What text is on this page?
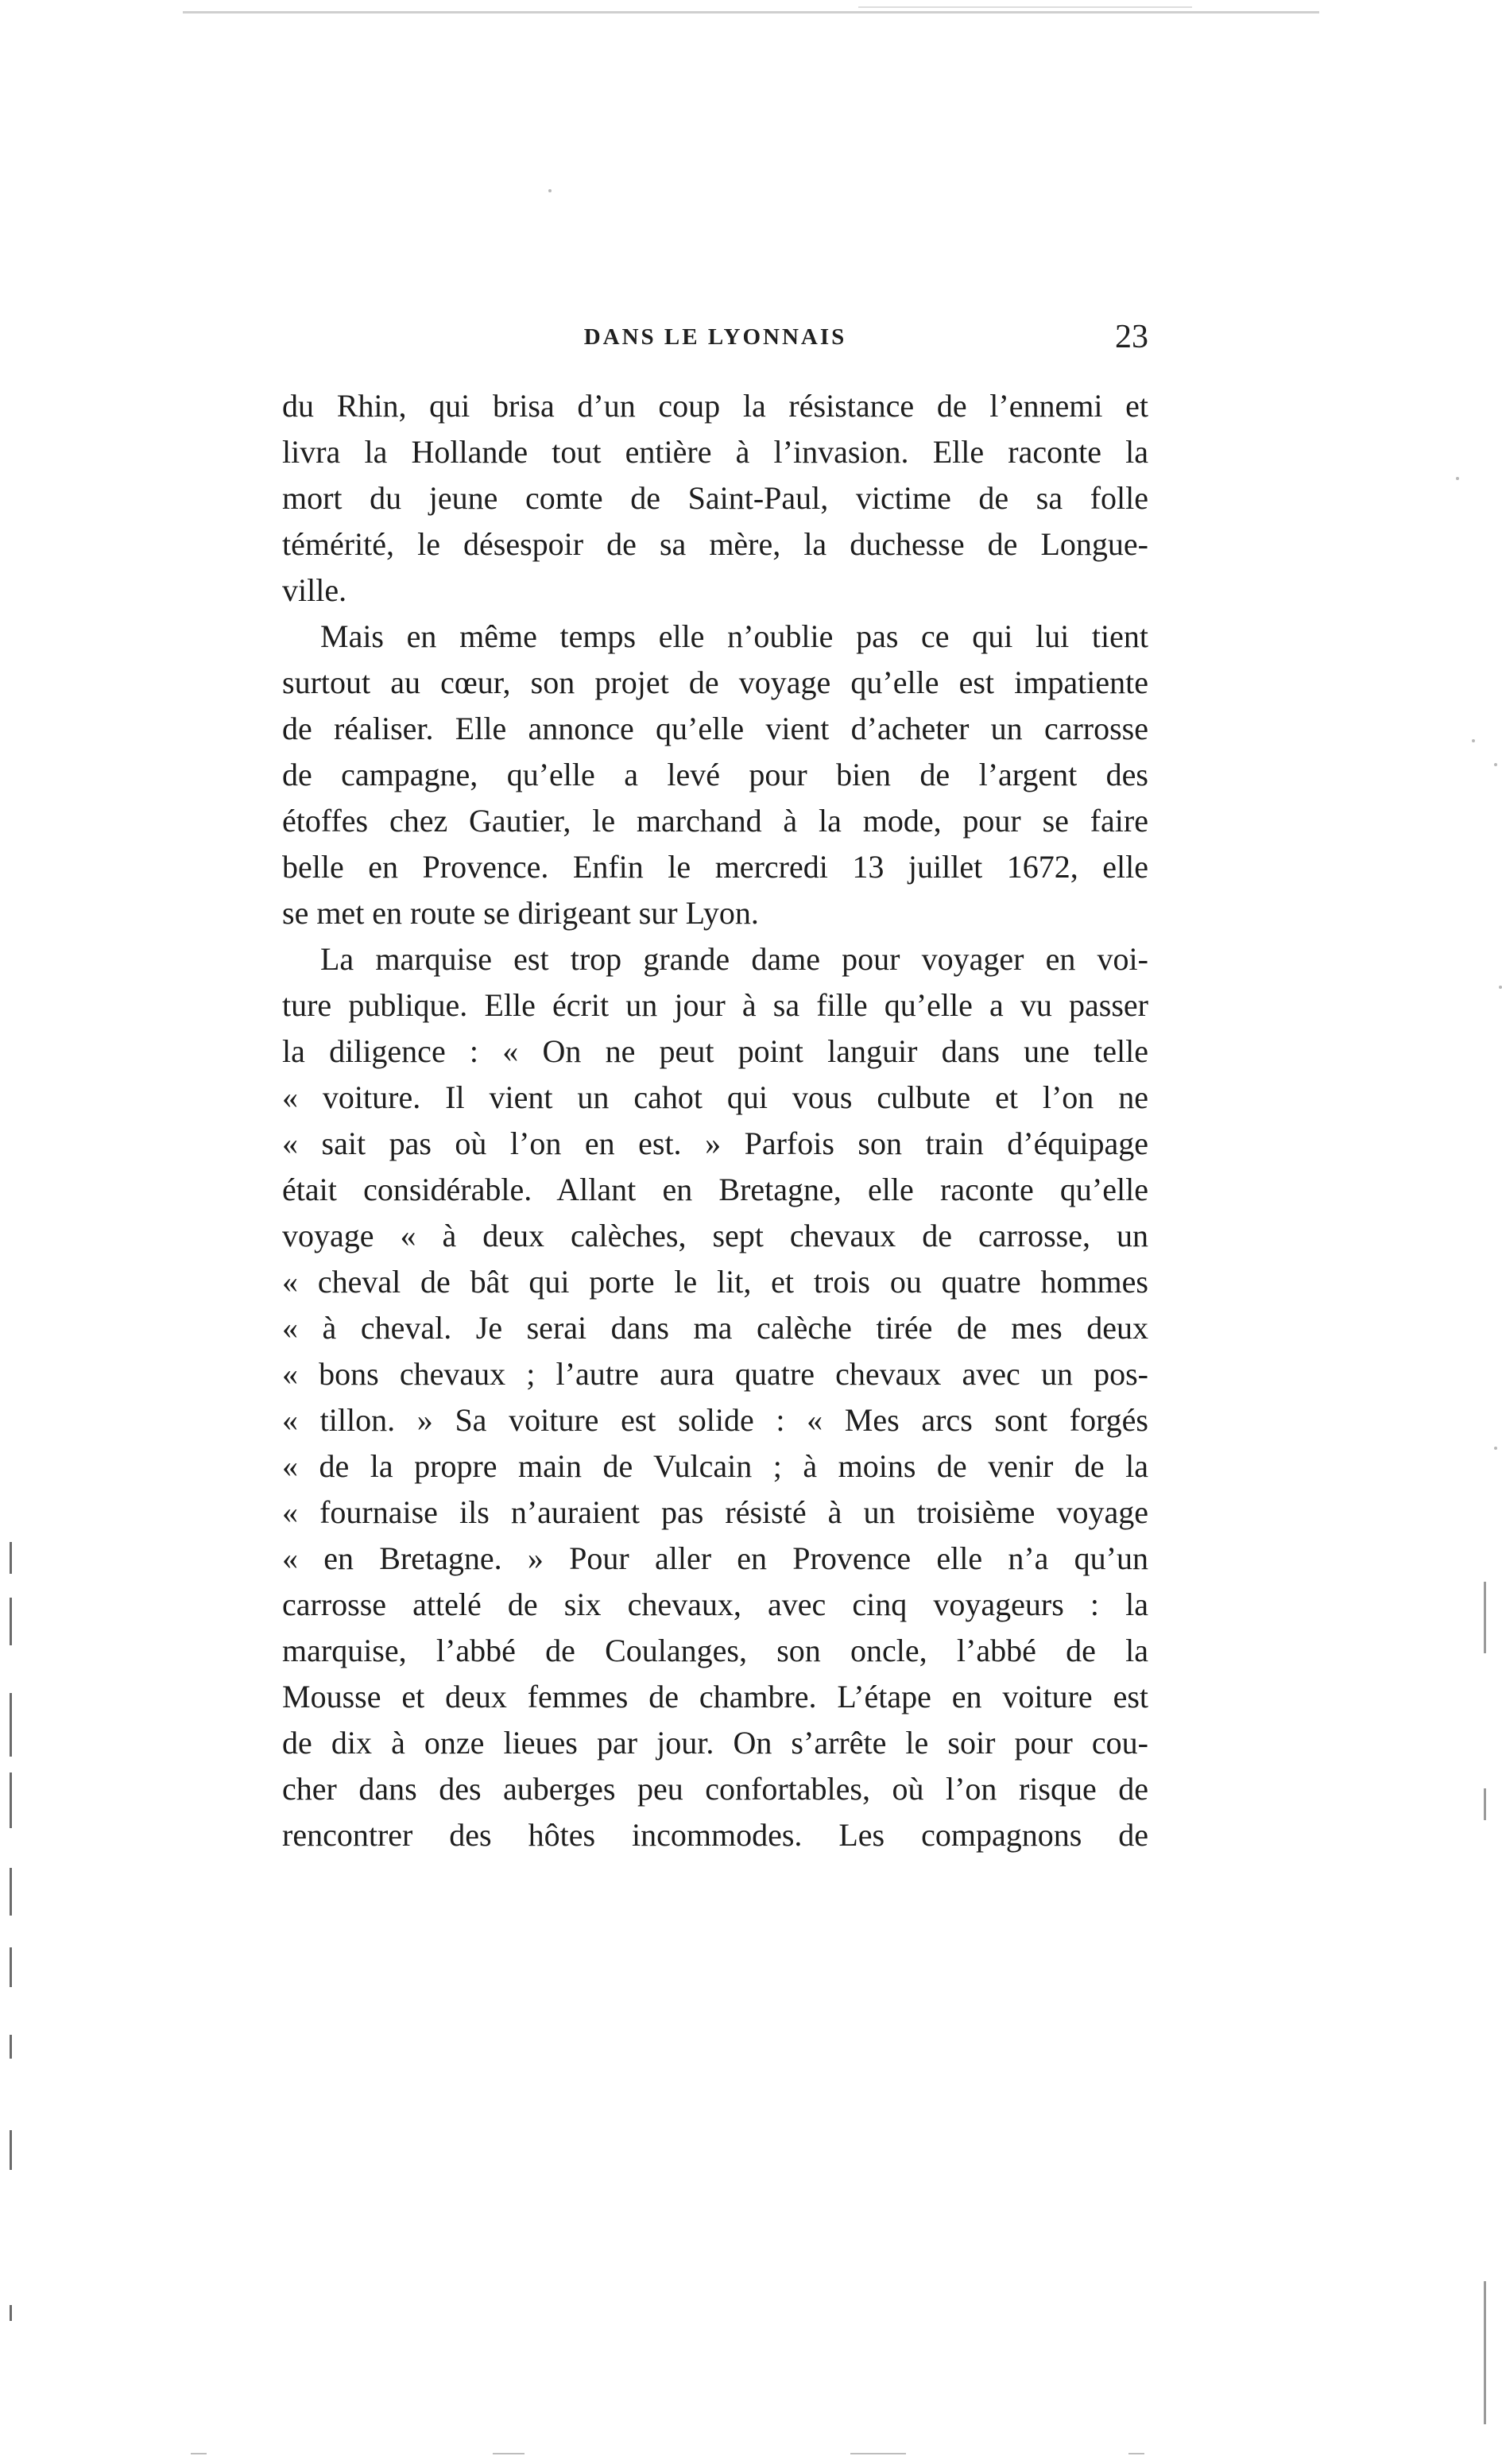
DANS LE LYONNAIS	23
du Rhin, qui brisa d’un coup la résistance de l’ennemi et
livra la Hollande tout entière à l’invasion. Elle raconte la
mort du jeune comte de Saint-Paul, victime de sa folle
témérité, le désespoir de sa mère, la duchesse de Longue-
ville.
Mais en même temps elle n’oublie pas ce qui lui tient
surtout au cœur, son projet de voyage qu’elle est impatiente
de réaliser. Elle annonce qu’elle vient d’acheter un carrosse
de campagne, qu’elle a levé pour bien de l’argent des
étoffes chez Gautier, le marchand à la mode, pour se faire
belle en Provence. Enfin le mercredi 13 juillet 1672, elle
se met en route se dirigeant sur Lyon.
La marquise est trop grande dame pour voyager en voi-
ture publique. Elle écrit un jour à sa fille qu’elle a vu passer
la diligence : « On ne peut point languir dans une telle
« voiture. Il vient un cahot qui vous culbute et l’on ne
« sait pas où l’on en est. » Parfois son train d’équipage
était considérable. Allant en Bretagne, elle raconte qu’elle
voyage « à deux calèches, sept chevaux de carrosse, un
« cheval de bât qui porte le lit, et trois ou quatre hommes
« à cheval. Je serai dans ma calèche tirée de mes deux
« bons chevaux ; l’autre aura quatre chevaux avec un pos-
« tillon. » Sa voiture est solide : « Mes arcs sont forgés
« de la propre main de Vulcain ; à moins de venir de la
« fournaise ils n’auraient pas résisté à un troisième voyage
« en Bretagne. » Pour aller en Provence elle n’a qu’un
carrosse attelé de six chevaux, avec cinq voyageurs : la
marquise, l’abbé de Coulanges, son oncle, l’abbé de la
Mousse et deux femmes de chambre. L’étape en voiture est
de dix à onze lieues par jour. On s’arrête le soir pour cou-
cher dans des auberges peu confortables, où l’on risque de
rencontrer des hôtes incommodes. Les compagnons de
